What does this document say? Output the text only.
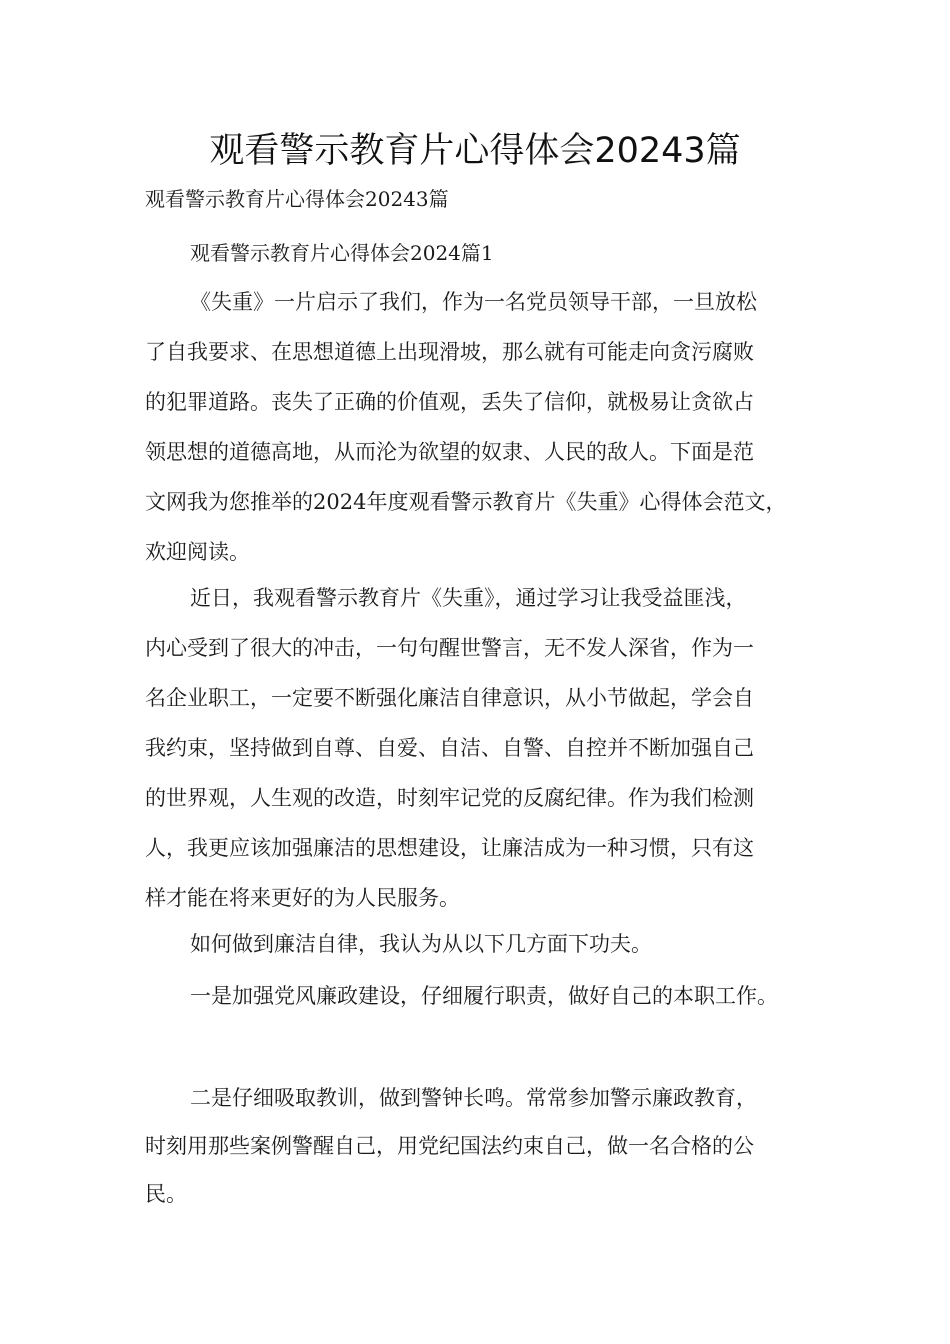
观看警示教育片心得体会20243篇
观看警示教育片心得体会20243篇
观看警示教育片心得体会2024篇1
《失重》一片启示了我们，作为一名党员领导干部，一旦放松
了自我要求、在思想道德上出现滑坡，那么就有可能走向贪污腐败
的犯罪道路。丧失了正确的价值观，丢失了信仰，就极易让贪欲占
领思想的道德高地，从而沦为欲望的奴隶、人民的敌人。下面是范
文网我为您推举的2024年度观看警示教育片《失重》心得体会范文，
欢迎阅读。
近日，我观看警示教育片《失重》，通过学习让我受益匪浅，
内心受到了很大的冲击，一句句醒世警言，无不发人深省，作为一
名企业职工，一定要不断强化廉洁自律意识，从小节做起，学会自
我约束，坚持做到自尊、自爱、自洁、自警、自控并不断加强自己
的世界观，人生观的改造，时刻牢记党的反腐纪律。作为我们检测
人，我更应该加强廉洁的思想建设，让廉洁成为一种习惯，只有这
样才能在将来更好的为人民服务。
如何做到廉洁自律，我认为从以下几方面下功夫。
一是加强党风廉政建设，仔细履行职责，做好自己的本职工作。
二是仔细吸取教训，做到警钟长鸣。常常参加警示廉政教育，
时刻用那些案例警醒自己，用党纪国法约束自己，做一名合格的公
民。
